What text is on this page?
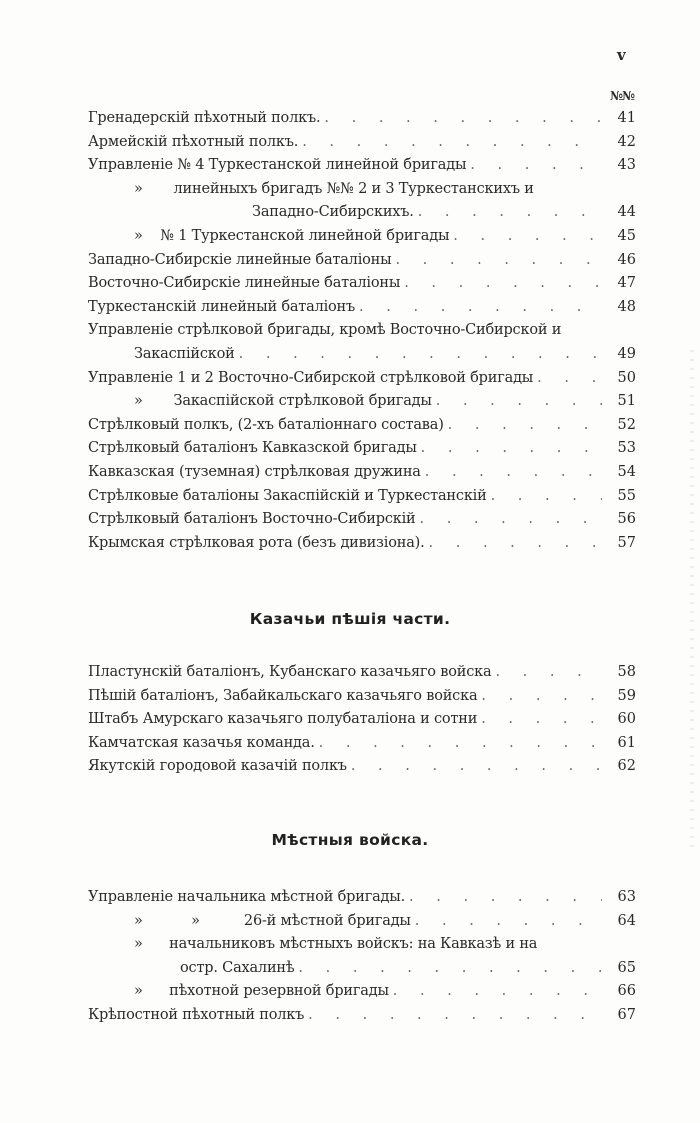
v
№№
Гренадерскій пѣхотный полкъ. . . .	41
Армейскій пѣхотный полкъ. . . .	42
Управленіе № 4 Туркестанской линейной бригады . . .	43
»       линейныхъ бригадъ №№ 2 и 3 Туркестанскихъ и
Западно-Сибирскихъ. . . .	44
»    № 1 Туркестанской линейной бригады . . .	45
Западно-Сибирскіе линейные баталіоны . . .	46
Восточно-Сибирскіе линейные баталіоны . . .	47
Туркестанскій линейный баталіонъ . . .	48
Управленіе стрѣлковой бригады, кромѣ Восточно-Сибирской и
Закаспійской . . .	49
Управленіе 1 и 2 Восточно-Сибирской стрѣлковой бригады . . .	50
»       Закаспійской стрѣлковой бригады . . .	51
Стрѣлковый полкъ, (2-хъ баталіоннаго состава) . . .	52
Стрѣлковый баталіонъ Кавказской бригады . . .	53
Кавказская (туземная) стрѣлковая дружина . . .	54
Стрѣлковые баталіоны Закаспійскій и Туркестанскій . . .	55
Стрѣлковый баталіонъ Восточно-Сибирскій . . .	56
Крымская стрѣлковая рота (безъ дивизіона). . . .	57
Казачьи пѣшія части.
Пластунскій баталіонъ, Кубанскаго казачьяго войска . . .	58
Пѣшій баталіонъ, Забайкальскаго казачьяго войска . . .	59
Штабъ Амурскаго казачьяго полубаталіона и сотни . . .	60
Камчатская казачья команда. . . .	61
Якутскій городовой казачій полкъ . . .	62
Мѣстныя войска.
Управленіе начальника мѣстной бригады. . . .	63
»           »          26-й мѣстной бригады . . .	64
»      начальниковъ мѣстныхъ войскъ: на Кавказѣ и на
остр. Сахалинѣ . . .	65
»      пѣхотной резервной бригады . . .	66
Крѣпостной пѣхотный полкъ . . .	67
